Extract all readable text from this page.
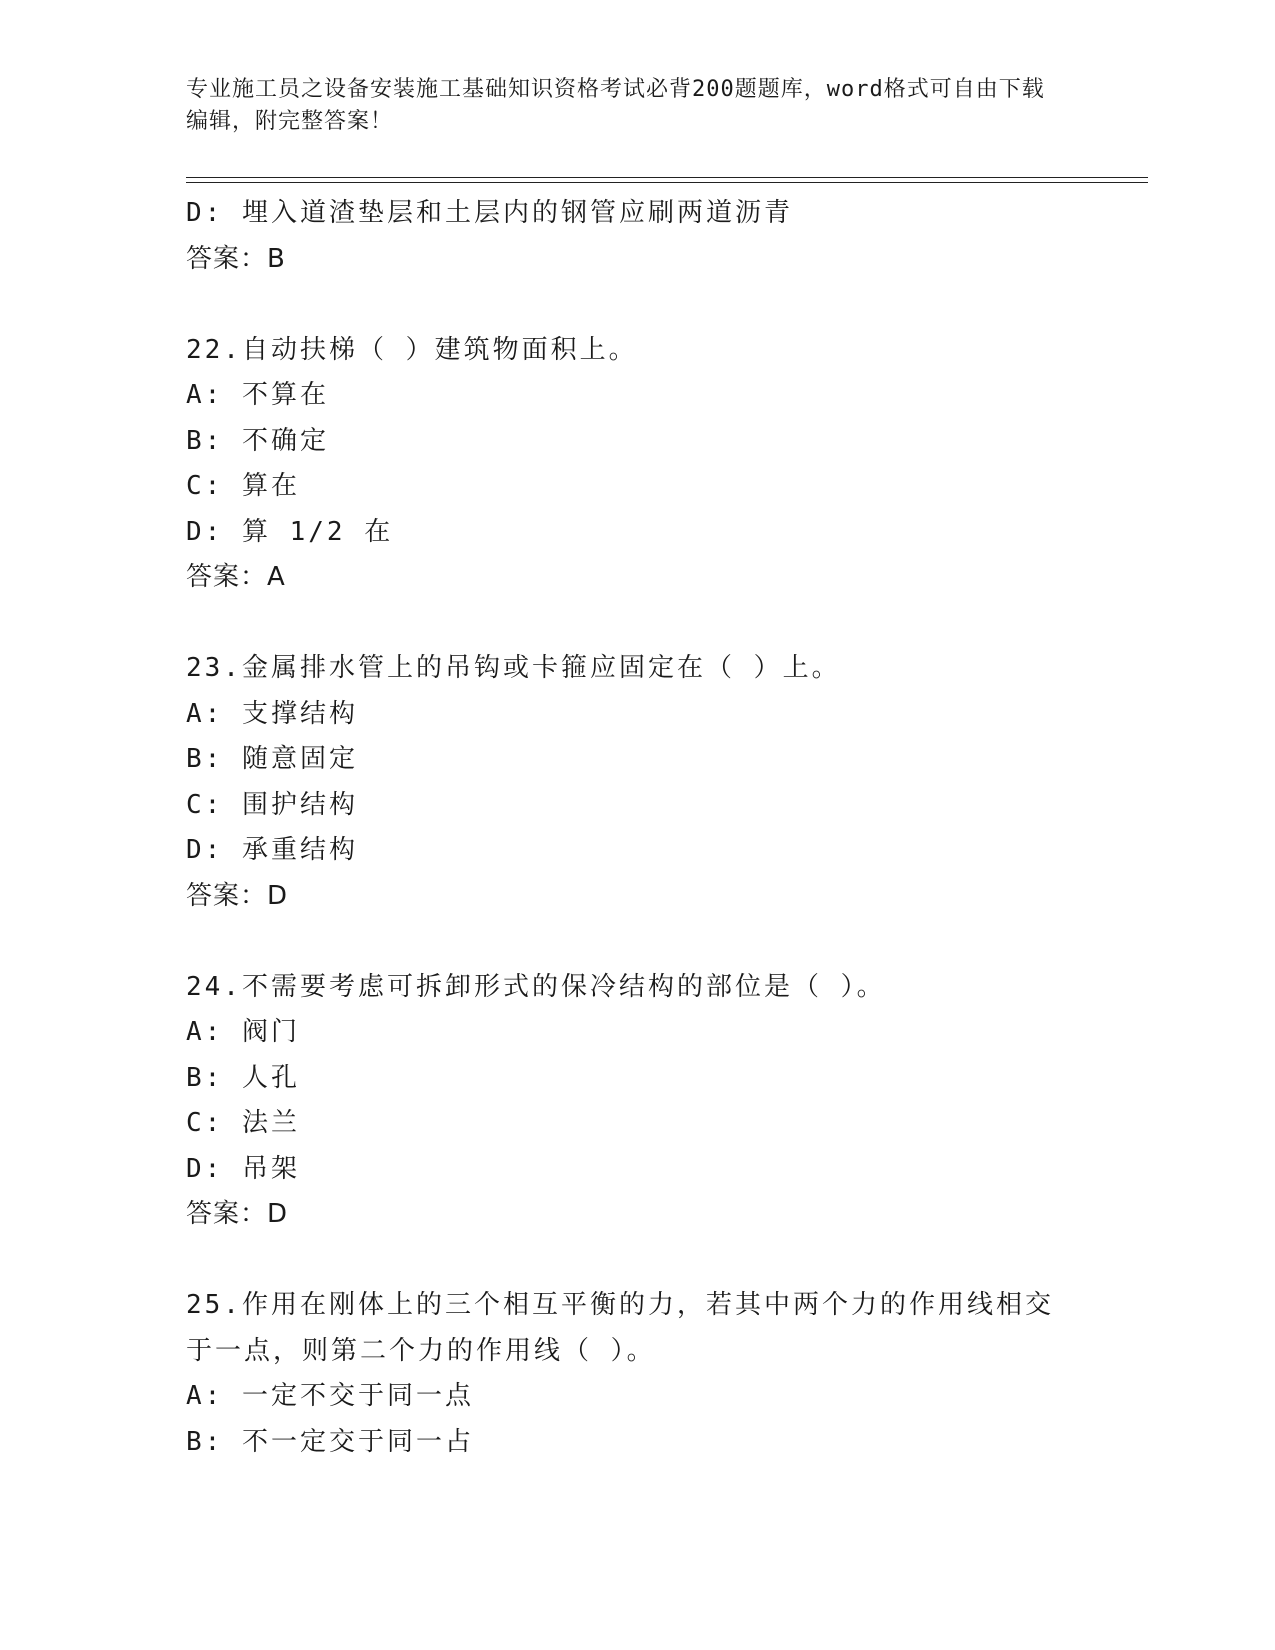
专业施工员之设备安装施工基础知识资格考试必背200题题库，word格式可自由下载编辑，附完整答案！
D: 埋入道渣垫层和土层内的钢管应刷两道沥青
答案：B
22.自动扶梯（ ）建筑物面积上。
A: 不算在
B: 不确定
C: 算在
D: 算 1/2 在
答案：A
23.金属排水管上的吊钩或卡箍应固定在（ ）上。
A: 支撑结构
B: 随意固定
C: 围护结构
D: 承重结构
答案：D
24.不需要考虑可拆卸形式的保冷结构的部位是（ ）。
A: 阀门
B: 人孔
C: 法兰
D: 吊架
答案：D
25.作用在刚体上的三个相互平衡的力，若其中两个力的作用线相交于一点，则第二个力的作用线（ ）。
A: 一定不交于同一点
B: 不一定交于同一占
